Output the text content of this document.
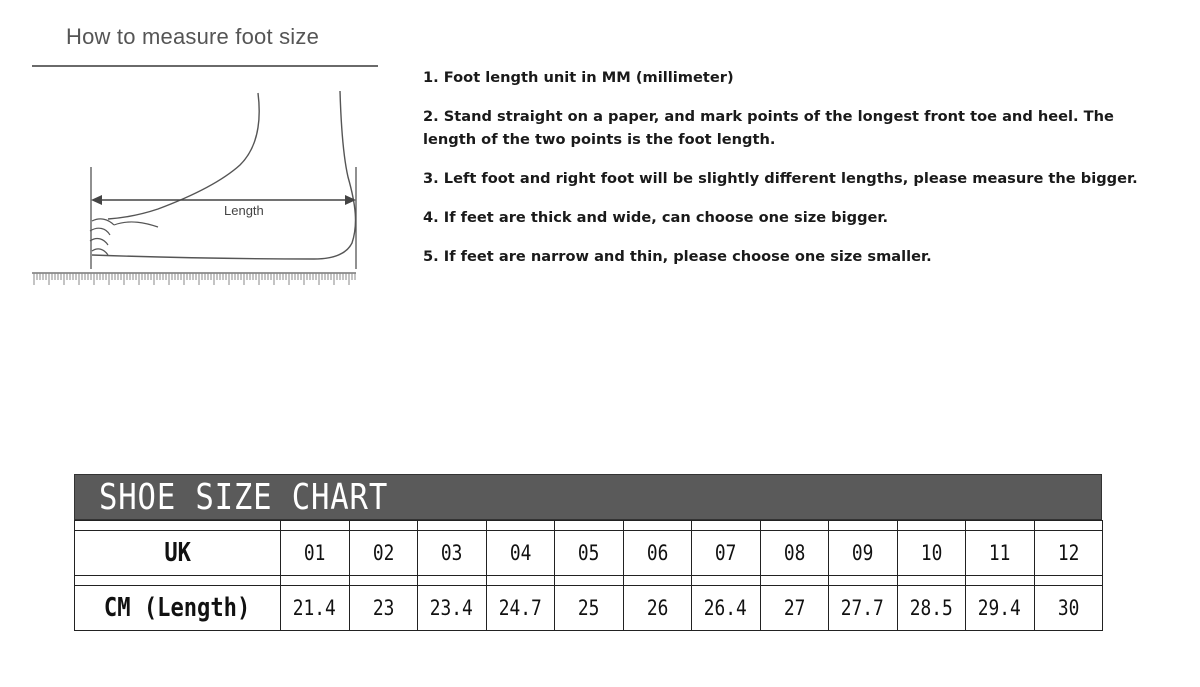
How to measure foot size
Length
1. Foot length unit in MM (millimeter)
2. Stand straight on a paper, and mark points of the longest front toe and heel. The length of the two points is the foot length.
3. Left foot and right foot will be slightly different lengths, please measure the bigger.
4. If feet are thick and wide, can choose one size bigger.
5. If feet are narrow and thin, please choose one size smaller.
SHOE SIZE CHART

UK	01	02	03	04	05	06	07	08	09	10	11	12

CM (Length)	21.4	23	23.4	24.7	25	26	26.4	27	27.7	28.5	29.4	30
